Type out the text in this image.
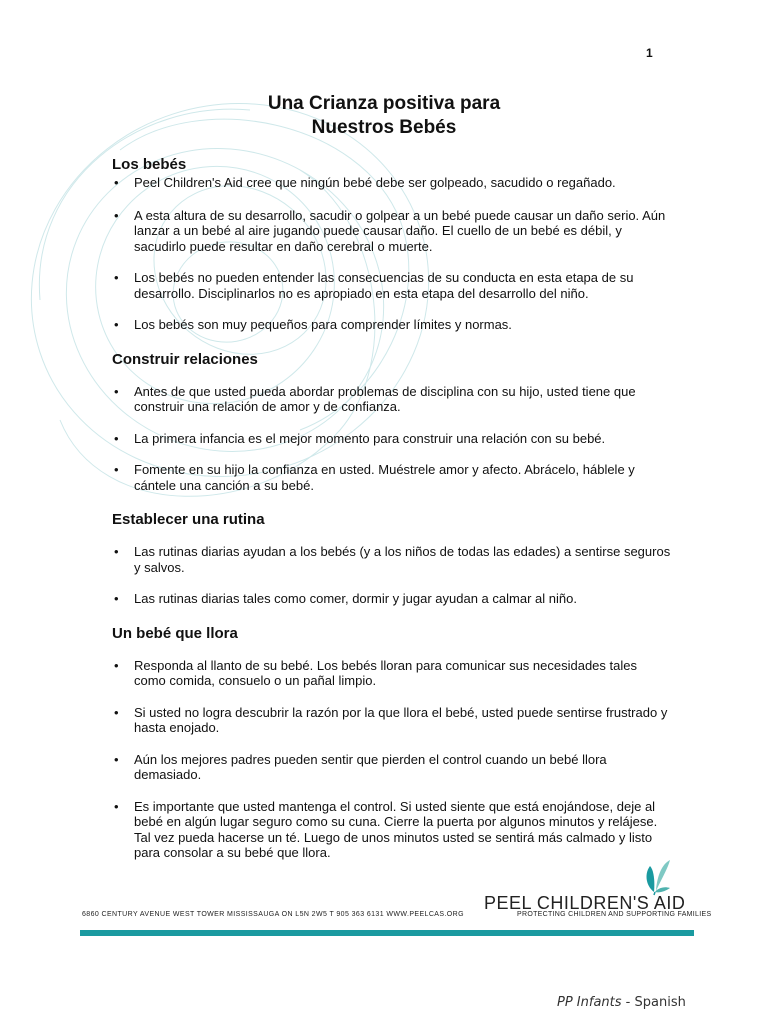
1
Una Crianza positiva para
Nuestros Bebés
Los bebés
• Peel Children's Aid cree que ningún bebé debe ser golpeado, sacudido o regañado.
• A esta altura de su desarrollo, sacudir o golpear a un bebé puede causar un daño serio. Aún lanzar a un bebé al aire jugando puede causar daño. El cuello de un bebé es débil, y sacudirlo puede resultar en daño cerebral o muerte.
• Los bebés no pueden entender las consecuencias de su conducta en esta etapa de su desarrollo. Disciplinarlos no es apropiado en esta etapa del desarrollo del niño.
• Los bebés son muy pequeños para comprender límites y normas.
Construir relaciones
• Antes de que usted pueda abordar problemas de disciplina con su hijo, usted tiene que construir una relación de amor y de confianza.
• La primera infancia es el mejor momento para construir una relación con su bebé.
• Fomente en su hijo la confianza en usted. Muéstrele amor y afecto. Abrácelo, háblele y cántele una canción a su bebé.
Establecer una rutina
• Las rutinas diarias ayudan a los bebés (y a los niños de todas las edades) a sentirse seguros y salvos.
• Las rutinas diarias tales como comer, dormir y jugar ayudan a calmar al niño.
Un bebé que llora
• Responda al llanto de su bebé. Los bebés lloran para comunicar sus necesidades tales como comida, consuelo o un pañal limpio.
• Si usted no logra descubrir la razón por la que llora el bebé, usted puede sentirse frustrado y hasta enojado.
• Aún los mejores padres pueden sentir que pierden el control cuando un bebé llora demasiado.
• Es importante que usted mantenga el control. Si usted siente que está enojándose, deje al bebé en algún lugar seguro como su cuna. Cierre la puerta por algunos minutos y relájese. Tal vez pueda hacerse un té. Luego de unos minutos usted se sentirá más calmado y listo para consolar a su bebé que llora.
6860 CENTURY AVENUE WEST TOWER MISSISSAUGA ON L5N 2W5 T 905 363 6131 WWW.PEELCAS.ORG
PEEL CHILDREN'S AID
PROTECTING CHILDREN AND SUPPORTING FAMILIES
PP Infants - Spanish
